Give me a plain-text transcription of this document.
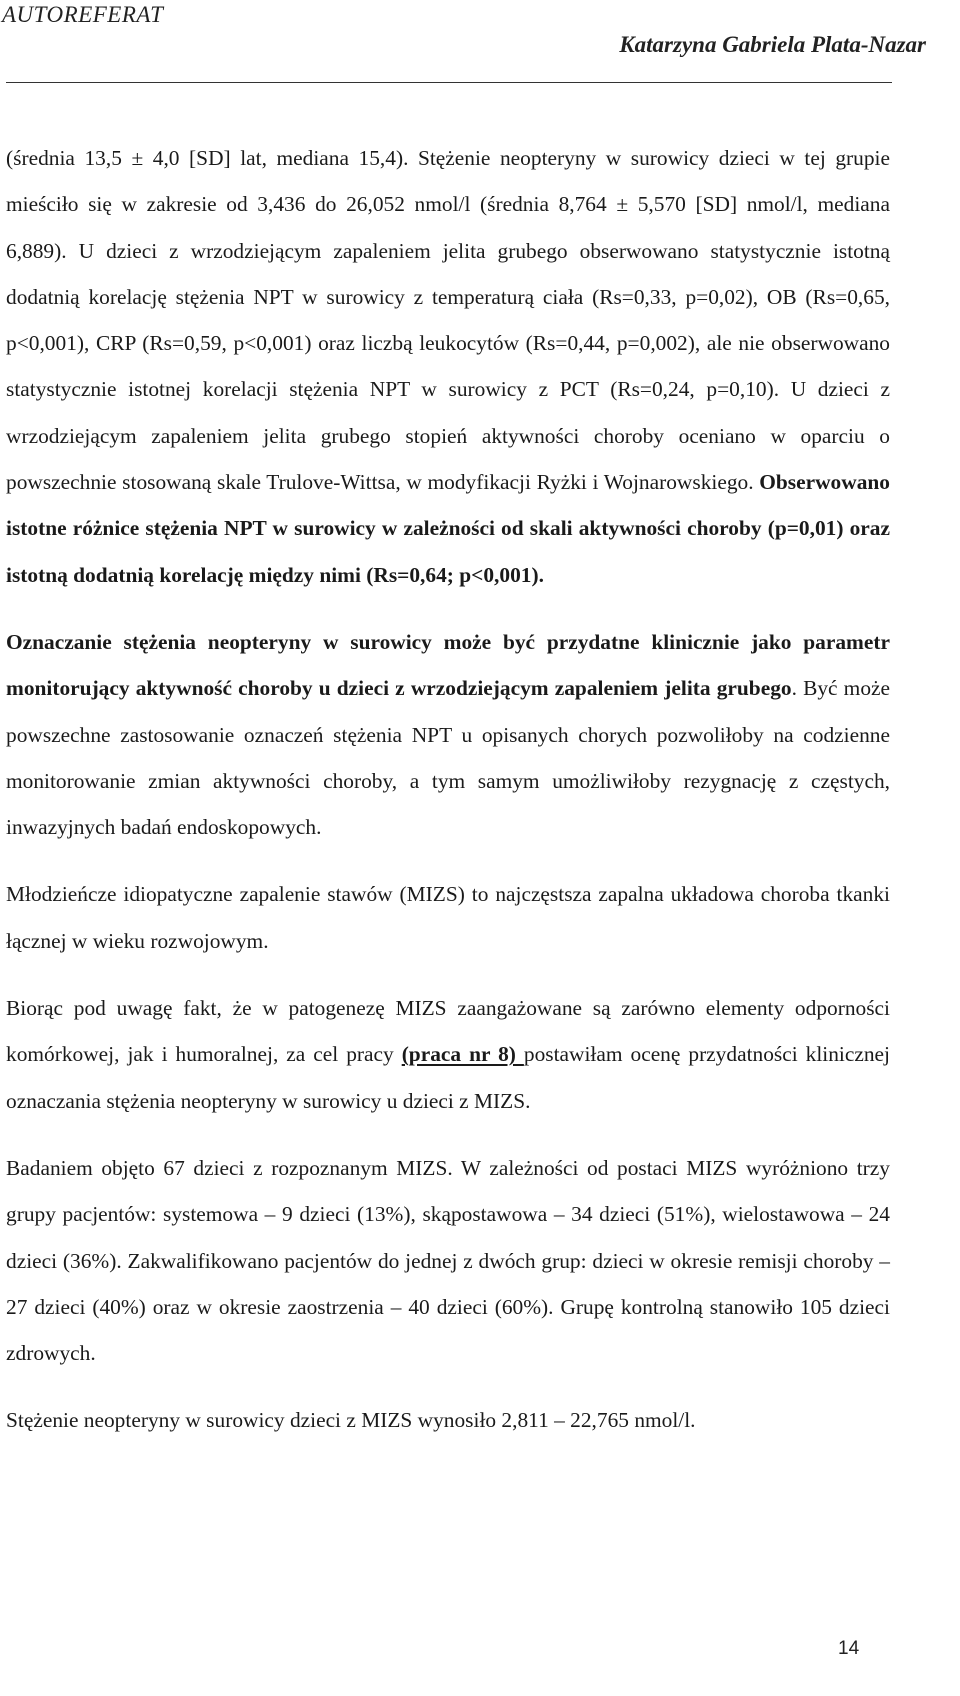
AUTOREFERAT
Katarzyna Gabriela Plata-Nazar

(średnia 13,5 ± 4,0 [SD] lat, mediana 15,4). Stężenie neopteryny w surowicy dzieci w tej grupie mieściło się w zakresie od 3,436 do 26,052 nmol/l (średnia 8,764 ± 5,570 [SD] nmol/l, mediana 6,889). U dzieci z wrzodziejącym zapaleniem jelita grubego obserwowano statystycznie istotną dodatnią korelację stężenia NPT w surowicy z temperaturą ciała (Rs=0,33, p=0,02), OB (Rs=0,65, p<0,001), CRP (Rs=0,59, p<0,001) oraz liczbą leukocytów (Rs=0,44, p=0,002), ale nie obserwowano statystycznie istotnej korelacji stężenia NPT w surowicy z PCT (Rs=0,24, p=0,10). U dzieci z wrzodziejącym zapaleniem jelita grubego stopień aktywności choroby oceniano w oparciu o powszechnie stosowaną skale Trulove-Wittsa, w modyfikacji Ryżki i Wojnarowskiego. Obserwowano istotne różnice stężenia NPT w surowicy w zależności od skali aktywności choroby (p=0,01) oraz istotną dodatnią korelację między nimi (Rs=0,64; p<0,001).

Oznaczanie stężenia neopteryny w surowicy może być przydatne klinicznie jako parametr monitorujący aktywność choroby u dzieci z wrzodziejącym zapaleniem jelita grubego. Być może powszechne zastosowanie oznaczeń stężenia NPT u opisanych chorych pozwoliłoby na codzienne monitorowanie zmian aktywności choroby, a tym samym umożliwiłoby rezygnację z częstych, inwazyjnych badań endoskopowych.

Młodzieńcze idiopatyczne zapalenie stawów (MIZS) to najczęstsza zapalna układowa choroba tkanki łącznej w wieku rozwojowym.

Biorąc pod uwagę fakt, że w patogenezę MIZS zaangażowane są zarówno elementy odporności komórkowej, jak i humoralnej, za cel pracy (praca nr 8) postawiłam ocenę przydatności klinicznej oznaczania stężenia neopteryny w surowicy u dzieci z MIZS.

Badaniem objęto 67 dzieci z rozpoznanym MIZS. W zależności od postaci MIZS wyróżniono trzy grupy pacjentów: systemowa – 9 dzieci (13%), skąpostawowa – 34 dzieci (51%), wielostawowa – 24 dzieci (36%). Zakwalifikowano pacjentów do jednej z dwóch grup: dzieci w okresie remisji choroby – 27 dzieci (40%) oraz w okresie zaostrzenia – 40 dzieci (60%). Grupę kontrolną stanowiło 105 dzieci zdrowych.

Stężenie neopteryny w surowicy dzieci z MIZS wynosiło 2,811 – 22,765 nmol/l.

14
